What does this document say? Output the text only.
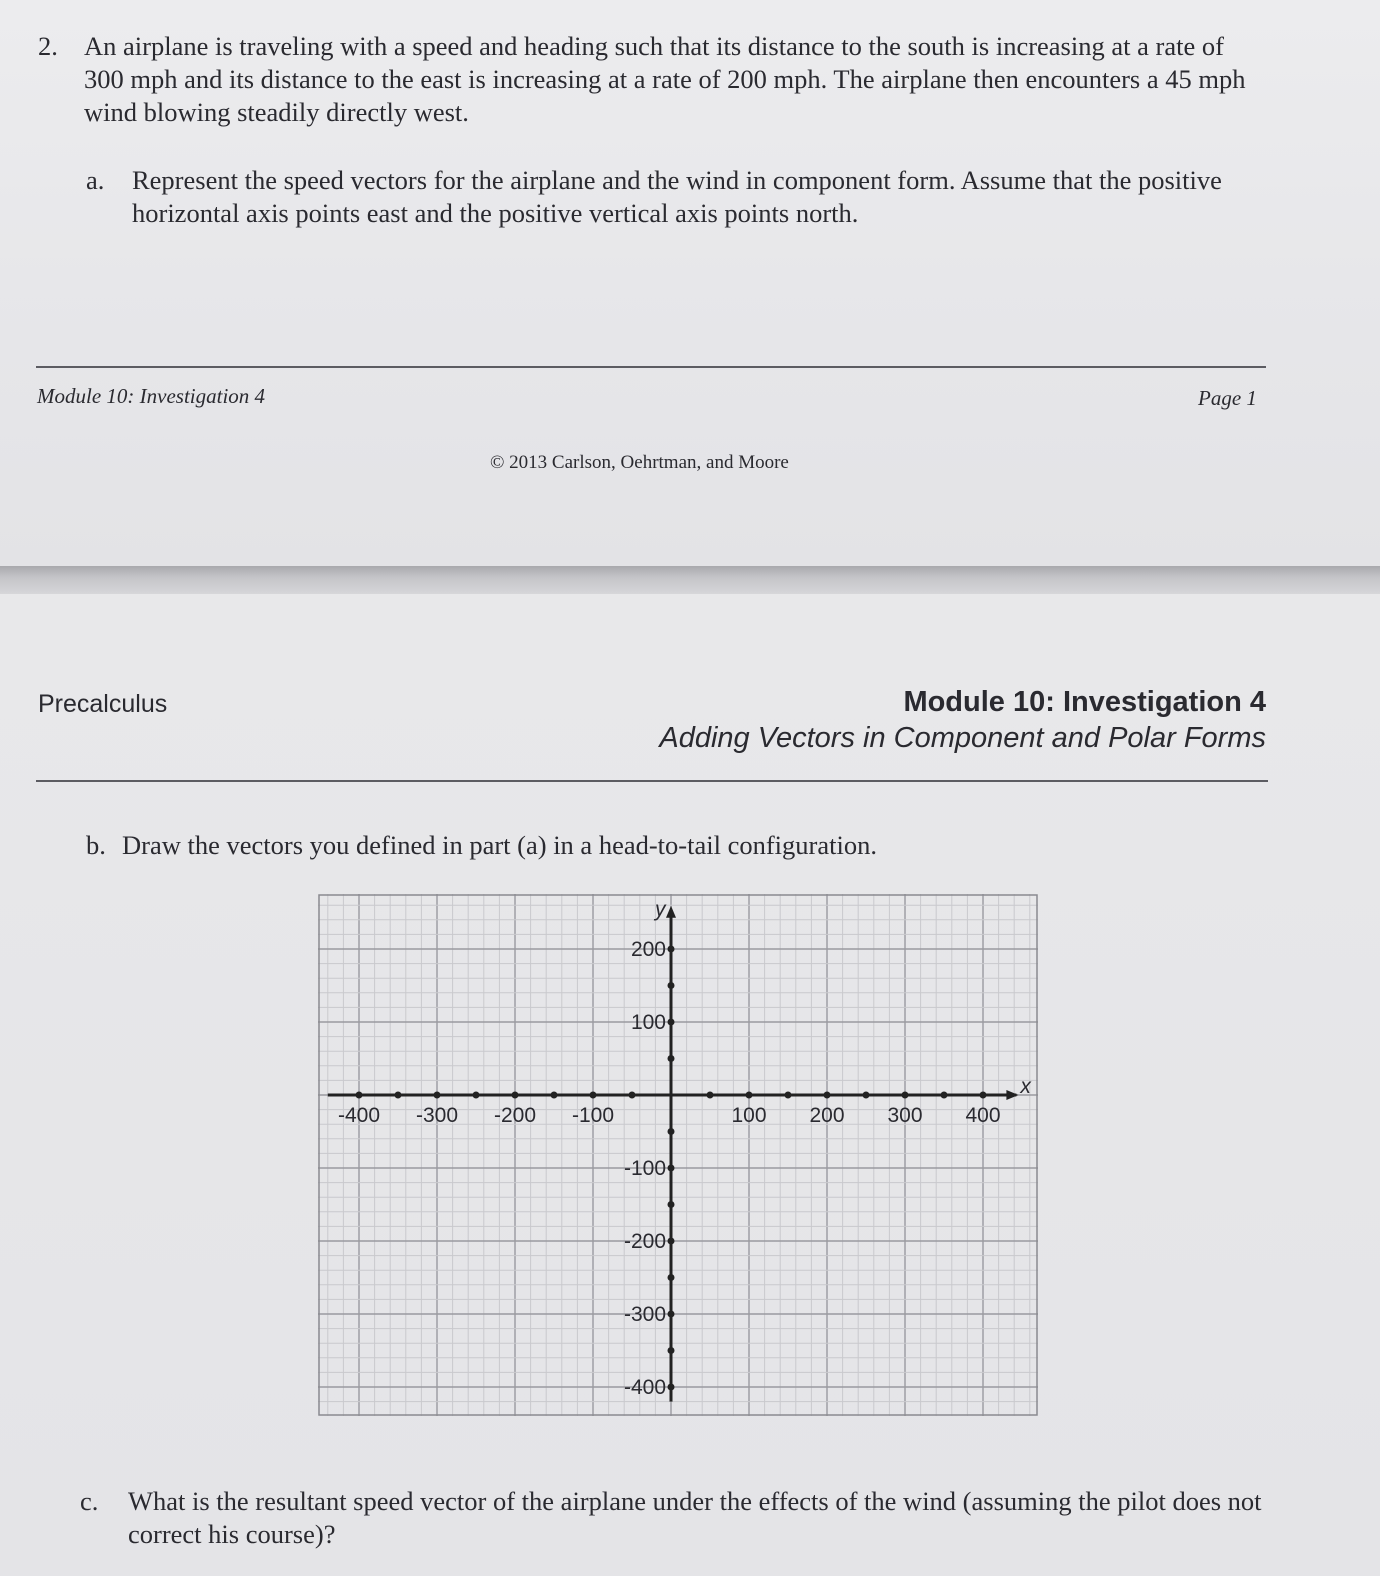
2. An airplane is traveling with a speed and heading such that its distance to the south is increasing at a rate of 300 mph and its distance to the east is increasing at a rate of 200 mph. The airplane then encounters a 45 mph wind blowing steadily directly west.
a. Represent the speed vectors for the airplane and the wind in component form. Assume that the positive horizontal axis points east and the positive vertical axis points north.
Module 10: Investigation 4	Page 1
© 2013 Carlson, Oehrtman, and Moore
Precalculus	Module 10: Investigation 4
Adding Vectors in Component and Polar Forms
b. Draw the vectors you defined in part (a) in a head-to-tail configuration.
-400 -300 -200 -100	100 200 300 400
200
100
-100
-200
-300
-400
x
y
c. What is the resultant speed vector of the airplane under the effects of the wind (assuming the pilot does not correct his course)?
